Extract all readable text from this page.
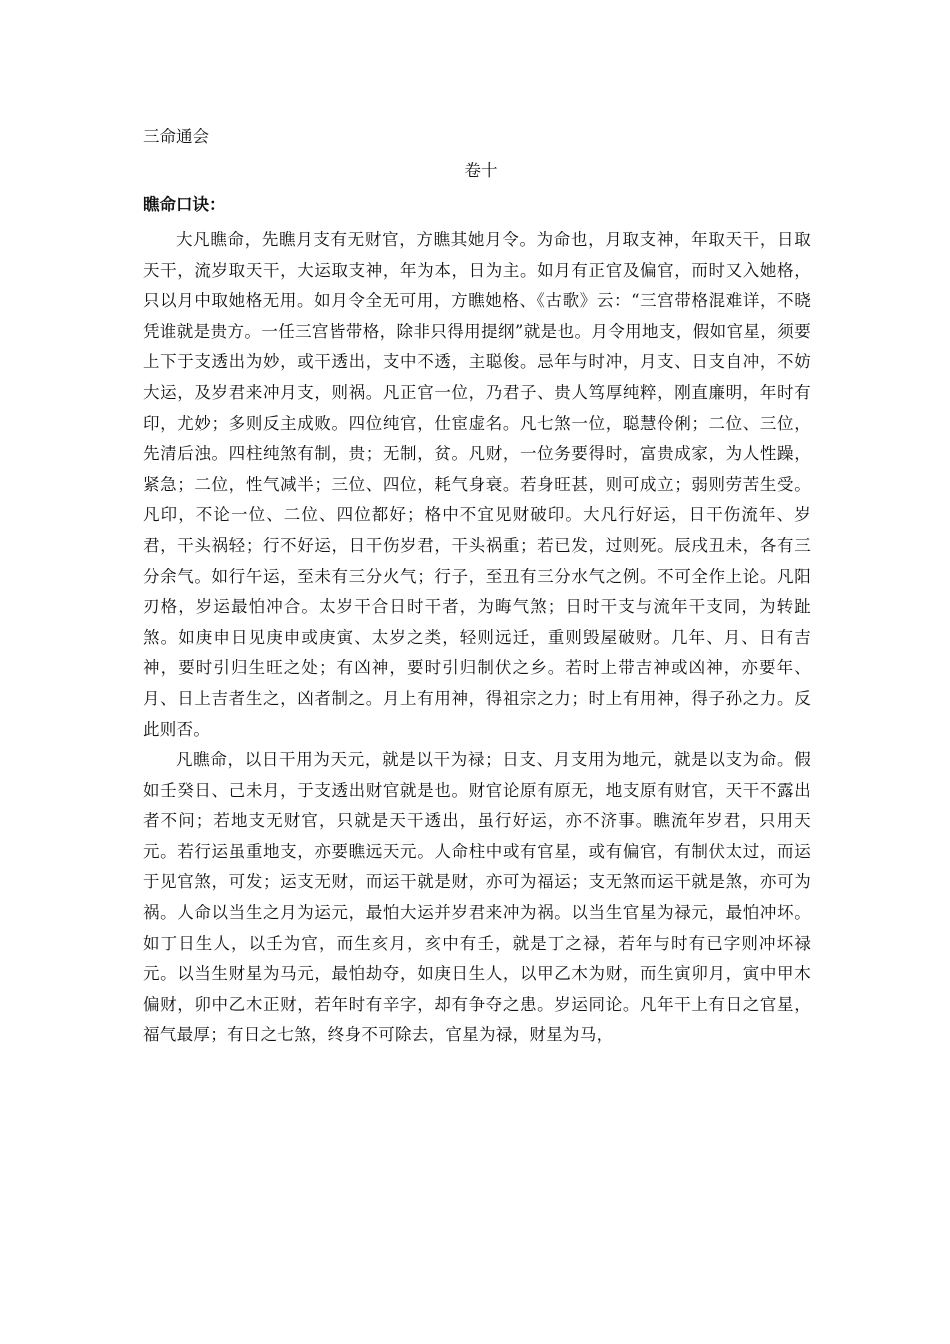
三命通会
卷十
瞧命口诀：

大凡瞧命，先瞧月支有无财官，方瞧其她月令。为命也，月取支神，年取天干，日取天干，流岁取天干，大运取支神，年为本，日为主。如月有正官及偏官，而时又入她格，只以月中取她格无用。如月令全无可用，方瞧她格、《古歌》云：“三宫带格混难详，不晓凭谁就是贵方。一任三宫皆带格，除非只得用提纲”就是也。月令用地支，假如官星，须要上下于支透出为妙，或干透出，支中不透，主聪俊。忌年与时冲，月支、日支自冲，不妨大运，及岁君来冲月支，则祸。凡正官一位，乃君子、贵人笃厚纯粹，刚直廉明，年时有印，尤妙；多则反主成败。四位纯官，仕宦虚名。凡七煞一位，聪慧伶俐；二位、三位，先清后浊。四柱纯煞有制，贵；无制，贫。凡财，一位务要得时，富贵成家，为人性躁，紧急；二位，性气减半；三位、四位，耗气身衰。若身旺甚，则可成立；弱则劳苦生受。凡印，不论一位、二位、四位都好；格中不宜见财破印。大凡行好运，日干伤流年、岁君，干头祸轻；行不好运，日干伤岁君，干头祸重；若已发，过则死。辰戌丑未，各有三分余气。如行午运，至未有三分火气；行子，至丑有三分水气之例。不可全作上论。凡阳刃格，岁运最怕冲合。太岁干合日时干者，为晦气煞；日时干支与流年干支同，为转趾煞。如庚申日见庚申或庚寅、太岁之类，轻则远迁，重则毁屋破财。几年、月、日有吉神，要时引归生旺之处；有凶神，要时引归制伏之乡。若时上带吉神或凶神，亦要年、月、日上吉者生之，凶者制之。月上有用神，得祖宗之力；时上有用神，得子孙之力。反此则否。

凡瞧命，以日干用为天元，就是以干为禄；日支、月支用为地元，就是以支为命。假如壬癸日、己未月，于支透出财官就是也。财官论原有原无，地支原有财官，天干不露出者不问；若地支无财官，只就是天干透出，虽行好运，亦不济事。瞧流年岁君，只用天元。若行运虽重地支，亦要瞧远天元。人命柱中或有官星，或有偏官，有制伏太过，而运于见官煞，可发；运支无财，而运干就是财，亦可为福运；支无煞而运干就是煞，亦可为祸。人命以当生之月为运元，最怕大运并岁君来冲为祸。以当生官星为禄元，最怕冲坏。如丁日生人，以壬为官，而生亥月，亥中有壬，就是丁之禄，若年与时有已字则冲坏禄元。以当生财星为马元，最怕劫夺，如庚日生人，以甲乙木为财，而生寅卯月，寅中甲木偏财，卯中乙木正财，若年时有辛字，却有争夺之患。岁运同论。凡年干上有日之官星，福气最厚；有日之七煞，终身不可除去，官星为禄，财星为马，
